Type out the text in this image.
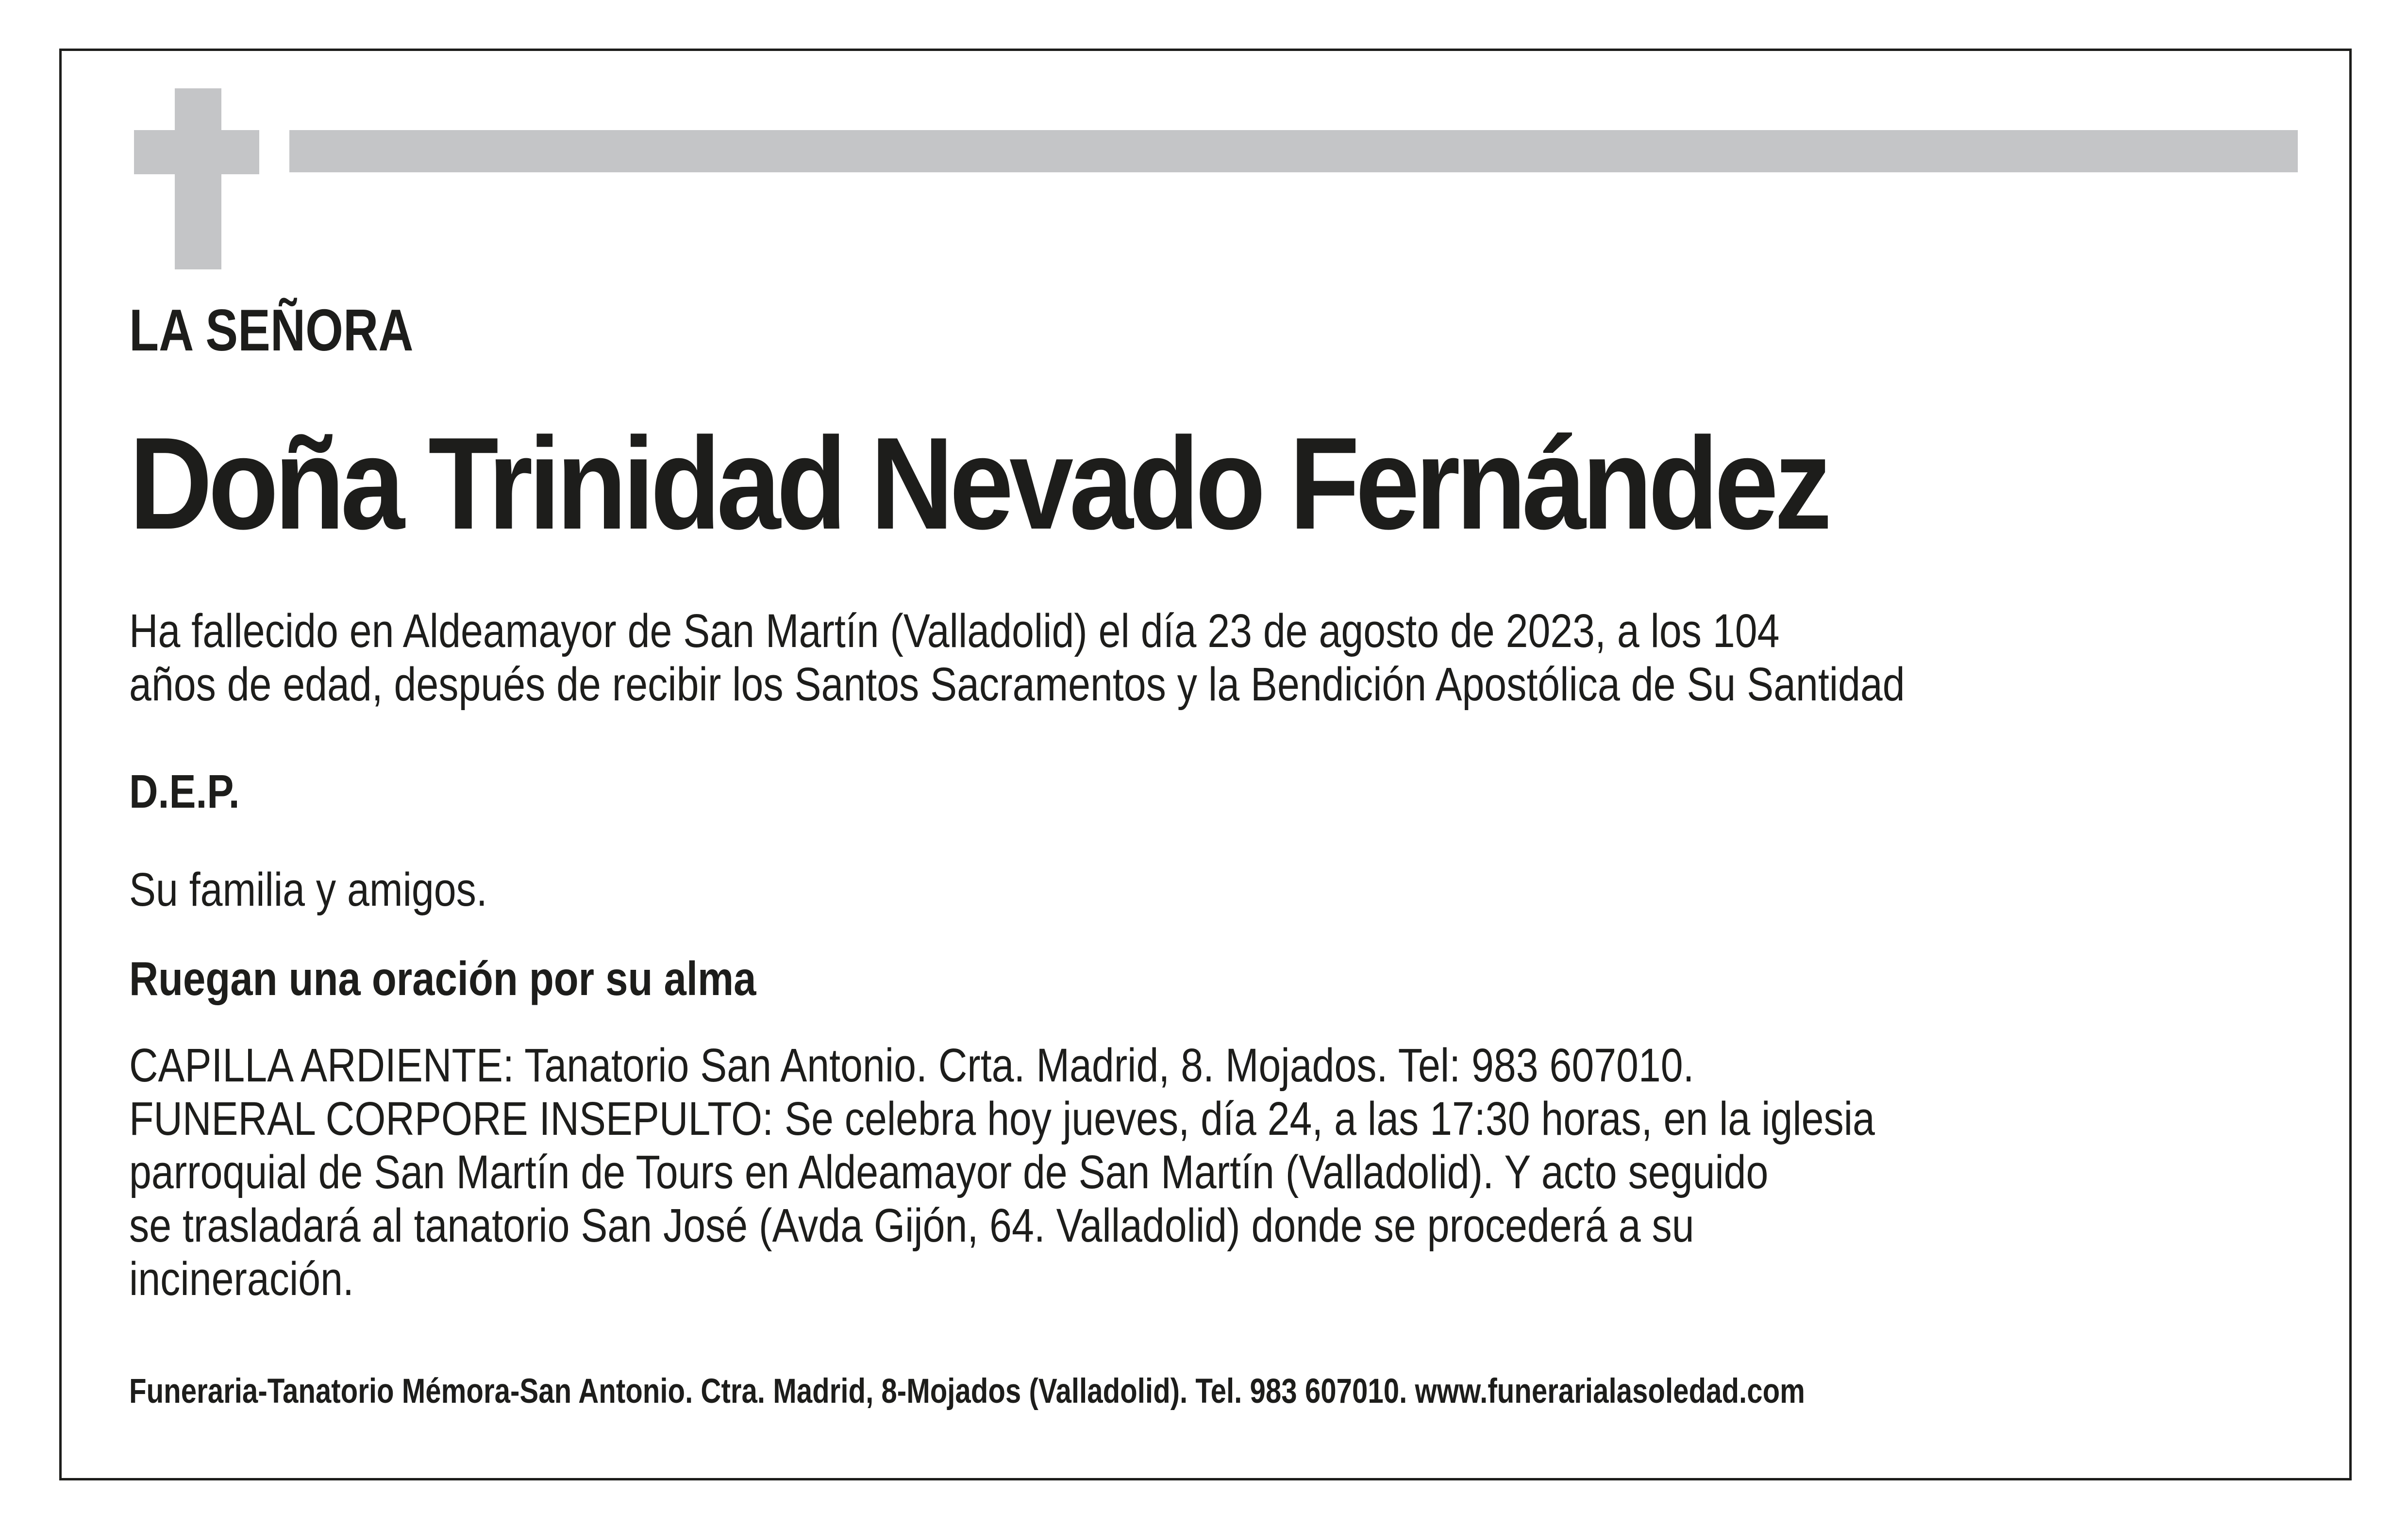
LA SEÑORA

Doña Trinidad Nevado Fernández

Ha fallecido en Aldeamayor de San Martín (Valladolid) el día 23 de agosto de 2023, a los 104
años de edad, después de recibir los Santos Sacramentos y la Bendición Apostólica de Su Santidad

D.E.P.

Su familia y amigos.

Ruegan una oración por su alma

CAPILLA ARDIENTE: Tanatorio San Antonio. Crta. Madrid, 8. Mojados. Tel: 983 607010.
FUNERAL CORPORE INSEPULTO: Se celebra hoy jueves, día 24, a las 17:30 horas, en la iglesia
parroquial de San Martín de Tours en Aldeamayor de San Martín (Valladolid). Y acto seguido
se trasladará al tanatorio San José (Avda Gijón, 64. Valladolid) donde se procederá a su
incineración.

Funeraria-Tanatorio Mémora-San Antonio. Ctra. Madrid, 8-Mojados (Valladolid). Tel. 983 607010. www.funerarialasoledad.com
